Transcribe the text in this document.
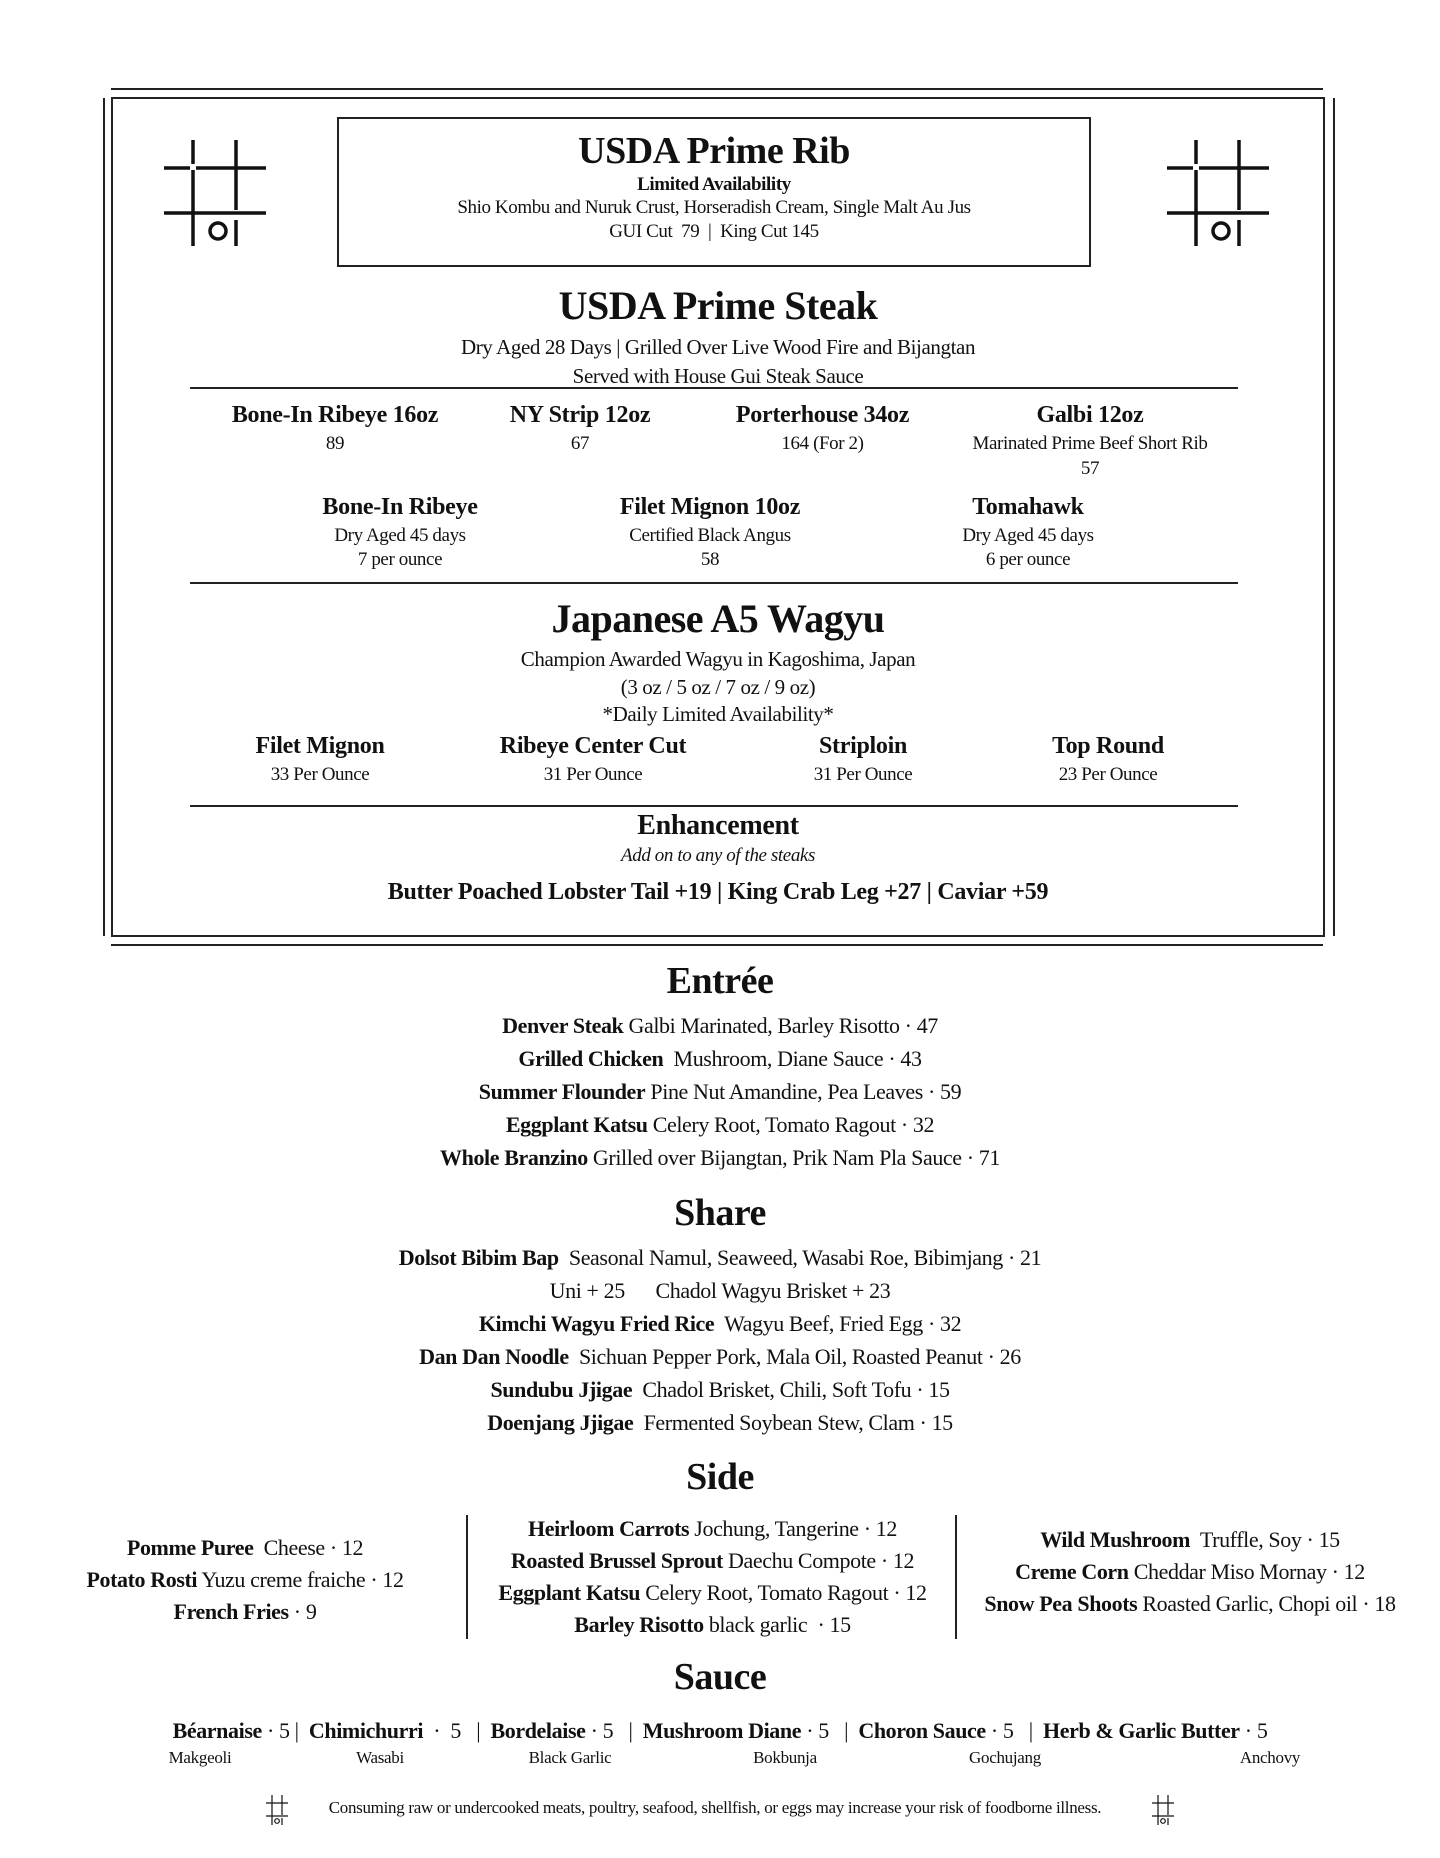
USDA Prime Rib
Limited Availability
Shio Kombu and Nuruk Crust, Horseradish Cream, Single Malt Au Jus
GUI Cut  79  |  King Cut 145
USDA Prime Steak
Dry Aged 28 Days | Grilled Over Live Wood Fire and Bijangtan
Served with House Gui Steak Sauce
Bone-In Ribeye 16oz
89
NY Strip 12oz
67
Porterhouse 34oz
164 (For 2)
Galbi 12oz
Marinated Prime Beef Short Rib
57
Bone-In Ribeye
Dry Aged 45 days
7 per ounce
Filet Mignon 10oz
Certified Black Angus
58
Tomahawk
Dry Aged 45 days
6 per ounce
Japanese A5 Wagyu
Champion Awarded Wagyu in Kagoshima, Japan
(3 oz / 5 oz / 7 oz / 9 oz)
*Daily Limited Availability*
Filet Mignon
33 Per Ounce
Ribeye Center Cut
31 Per Ounce
Striploin
31 Per Ounce
Top Round
23 Per Ounce
Enhancement
Add on to any of the steaks
Butter Poached Lobster Tail +19 | King Crab Leg +27 | Caviar +59
Entrée
Denver Steak Galbi Marinated, Barley Risotto · 47
Grilled Chicken  Mushroom, Diane Sauce · 43
Summer Flounder Pine Nut Amandine, Pea Leaves · 59
Eggplant Katsu Celery Root, Tomato Ragout · 32
Whole Branzino Grilled over Bijangtan, Prik Nam Pla Sauce · 71
Share
Dolsot Bibim Bap  Seasonal Namul, Seaweed, Wasabi Roe, Bibimjang · 21
Uni + 25      Chadol Wagyu Brisket + 23
Kimchi Wagyu Fried Rice  Wagyu Beef, Fried Egg · 32
Dan Dan Noodle  Sichuan Pepper Pork, Mala Oil, Roasted Peanut · 26
Sundubu Jjigae  Chadol Brisket, Chili, Soft Tofu · 15
Doenjang Jjigae  Fermented Soybean Stew, Clam · 15
Side
Pomme Puree  Cheese · 12
Potato Rosti Yuzu creme fraiche · 12
French Fries · 9
Heirloom Carrots Jochung, Tangerine · 12
Roasted Brussel Sprout Daechu Compote · 12
Eggplant Katsu Celery Root, Tomato Ragout · 12
Barley Risotto black garlic  · 15
Wild Mushroom  Truffle, Soy · 15
Creme Corn Cheddar Miso Mornay · 12
Snow Pea Shoots Roasted Garlic, Chopi oil · 18
Sauce
Béarnaise · 5 | Chimichurri  ·  5   | Bordelaise · 5   | Mushroom Diane · 5   | Choron Sauce · 5   | Herb & Garlic Butter · 5
Makgeoli	Wasabi	Black Garlic	Bokbunja	Gochujang	Anchovy
Consuming raw or undercooked meats, poultry, seafood, shellfish, or eggs may increase your risk of foodborne illness.
